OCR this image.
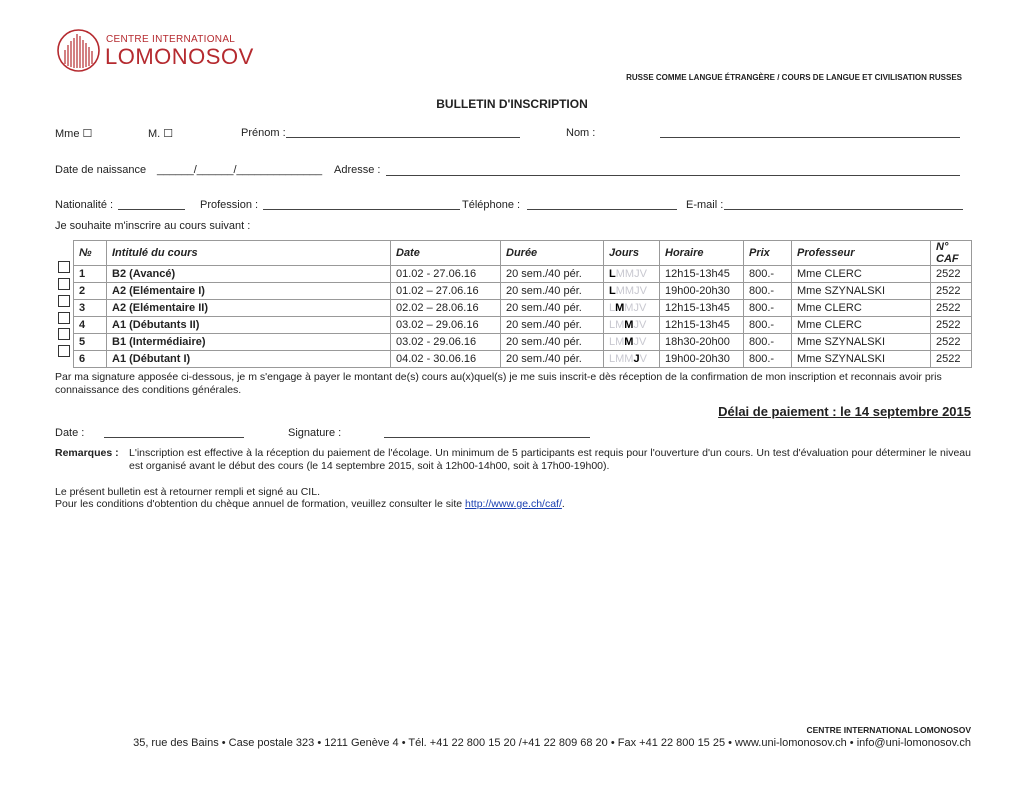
CENTRE INTERNATIONAL
LOMONOSOV
RUSSE COMME LANGUE ÉTRANGÈRE / COURS DE LANGUE ET CIVILISATION RUSSES
BULLETIN D'INSCRIPTION
Mme ☐	M. ☐	Prénom :	Nom :
Date de naissance ______/______/______________ Adresse :
Nationalité :	Profession :	Téléphone :	E-mail :
Je souhaite m'inscrire au cours suivant :
№	Intitulé du cours	Date	Durée	Jours	Horaire	Prix	Professeur	N° CAF
1	B2 (Avancé)	01.02 - 27.06.16	20 sem./40 pér.	LMMJV	12h15-13h45	800.-	Mme CLERC	2522
2	A2 (Elémentaire I)	01.02 – 27.06.16	20 sem./40 pér.	LMMJV	19h00-20h30	800.-	Mme SZYNALSKI	2522
3	A2 (Elémentaire II)	02.02 – 28.06.16	20 sem./40 pér.	LMMJV	12h15-13h45	800.-	Mme CLERC	2522
4	A1 (Débutants II)	03.02 – 29.06.16	20 sem./40 pér.	LMMJV	12h15-13h45	800.-	Mme CLERC	2522
5	B1 (Intermédiaire)	03.02 - 29.06.16	20 sem./40 pér.	LMMJV	18h30-20h00	800.-	Mme SZYNALSKI	2522
6	A1 (Débutant I)	04.02 - 30.06.16	20 sem./40 pér.	LMMJV	19h00-20h30	800.-	Mme SZYNALSKI	2522
Par ma signature apposée ci-dessous, je m s'engage à payer le montant de(s) cours au(x)quel(s) je me suis inscrit-e dès réception de la confirmation de mon inscription et reconnais avoir pris connaissance des conditions générales.
Délai de paiement : le 14 septembre 2015
Date :	Signature :
Remarques : L'inscription est effective à la réception du paiement de l'écolage. Un minimum de 5 participants est requis pour l'ouverture d'un cours. Un test d'évaluation pour déterminer le niveau est organisé avant le début des cours (le 14 septembre 2015, soit à 12h00-14h00, soit à 17h00-19h00).
Le présent bulletin est à retourner rempli et signé au CIL.
Pour les conditions d'obtention du chèque annuel de formation, veuillez consulter le site http://www.ge.ch/caf/.
CENTRE INTERNATIONAL LOMONOSOV
35, rue des Bains • Case postale 323 • 1211 Genève 4 • Tél. +41 22 800 15 20 /+41 22 809 68 20 • Fax +41 22 800 15 25 • www.uni-lomonosov.ch • info@uni-lomonosov.ch
